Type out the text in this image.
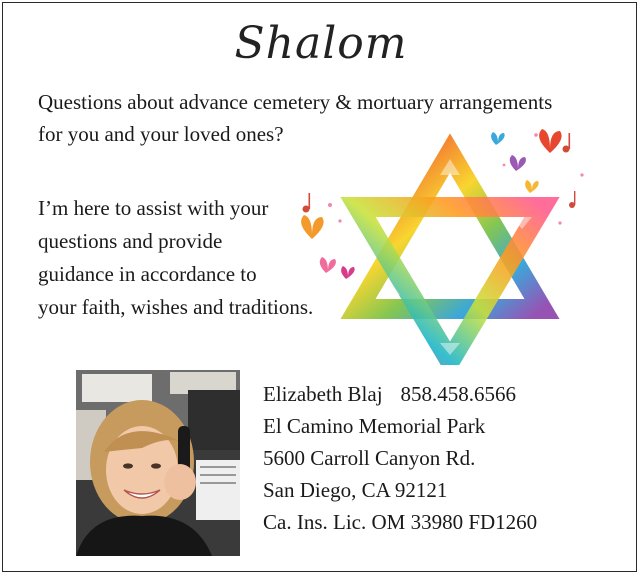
Shalom
Questions about advance cemetery & mortuary arrangements
for you and your loved ones?
I’m here to assist with your
questions and provide
guidance in accordance to
your faith, wishes and traditions.
Elizabeth Blaj 858.458.6566
El Camino Memorial Park
5600 Carroll Canyon Rd.
San Diego, CA 92121
Ca. Ins. Lic. OM 33980 FD1260
